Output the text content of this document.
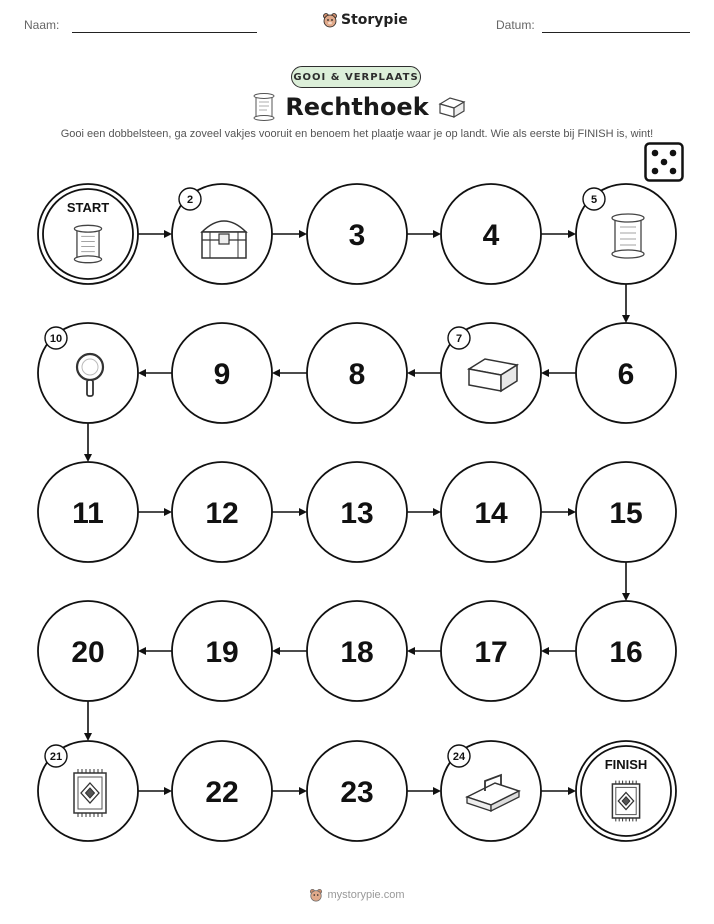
Naam:	Storypie	Datum:
GOOI & VERPLAATS
Rechthoek
Gooi een dobbelsteen, ga zoveel vakjes vooruit en benoem het plaatje waar je op landt. Wie als eerste bij FINISH is, wint!
START	2
3	4
5
6
7
8
9
10
11	12	13	14	15
16
17
18
19
20
21
22	23
24	FINISH
mystorypie.com
